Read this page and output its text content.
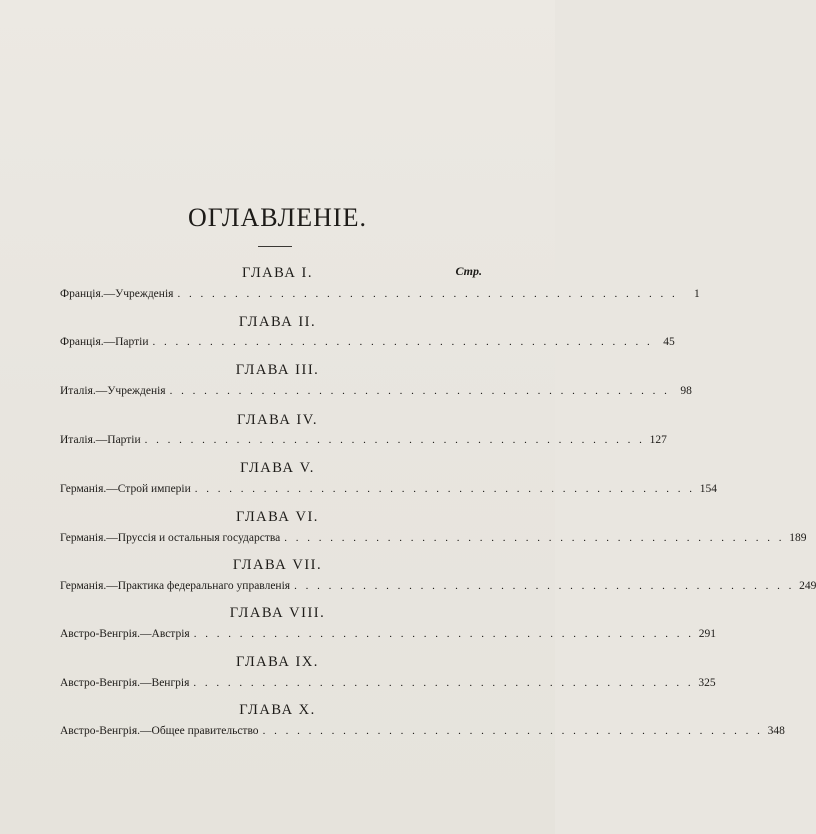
ОГЛАВЛЕНІЕ.
Стр.
ГЛАВА I.
Франція.—Учрежденія . . . . . . . . . . . . . . . . . . . . . . . . . . . . . . . . . . . . . . . . . . . .	1
ГЛАВА II.
Франція.—Партіи . . . . . . . . . . . . . . . . . . . . . . . . . . . . . . . . . . . . . . . . . . . . 45
ГЛАВА III.
Италія.—Учрежденія . . . . . . . . . . . . . . . . . . . . . . . . . . . . . . . . . . . . . . . . . . . . 98
ГЛАВА IV.
Италія.—Партіи . . . . . . . . . . . . . . . . . . . . . . . . . . . . . . . . . . . . . . . . . . . . 127
ГЛАВА V.
Германія.—Строй имперіи . . . . . . . . . . . . . . . . . . . . . . . . . . . . . . . . . . . . . . . . . . . . 154
ГЛАВА VI.
Германія.—Пруссія и остальныя государства . . . . . . . . . . . . . . . . . . . . . . . . . . . . . . . . . . . . . . . . . . . . 189
ГЛАВА VII.
Германія.—Практика федеральнаго управленія . . . . . . . . . . . . . . . . . . . . . . . . . . . . . . . . . . . . . . . . . . . . 249
ГЛАВА VIII.
Австро-Венгрія.—Австрія . . . . . . . . . . . . . . . . . . . . . . . . . . . . . . . . . . . . . . . . . . . . 291
ГЛАВА IX.
Австро-Венгрія.—Венгрія . . . . . . . . . . . . . . . . . . . . . . . . . . . . . . . . . . . . . . . . . . . . 325
ГЛАВА X.
Австро-Венгрія.—Общее правительство . . . . . . . . . . . . . . . . . . . . . . . . . . . . . . . . . . . . . . . . . . . . 348
